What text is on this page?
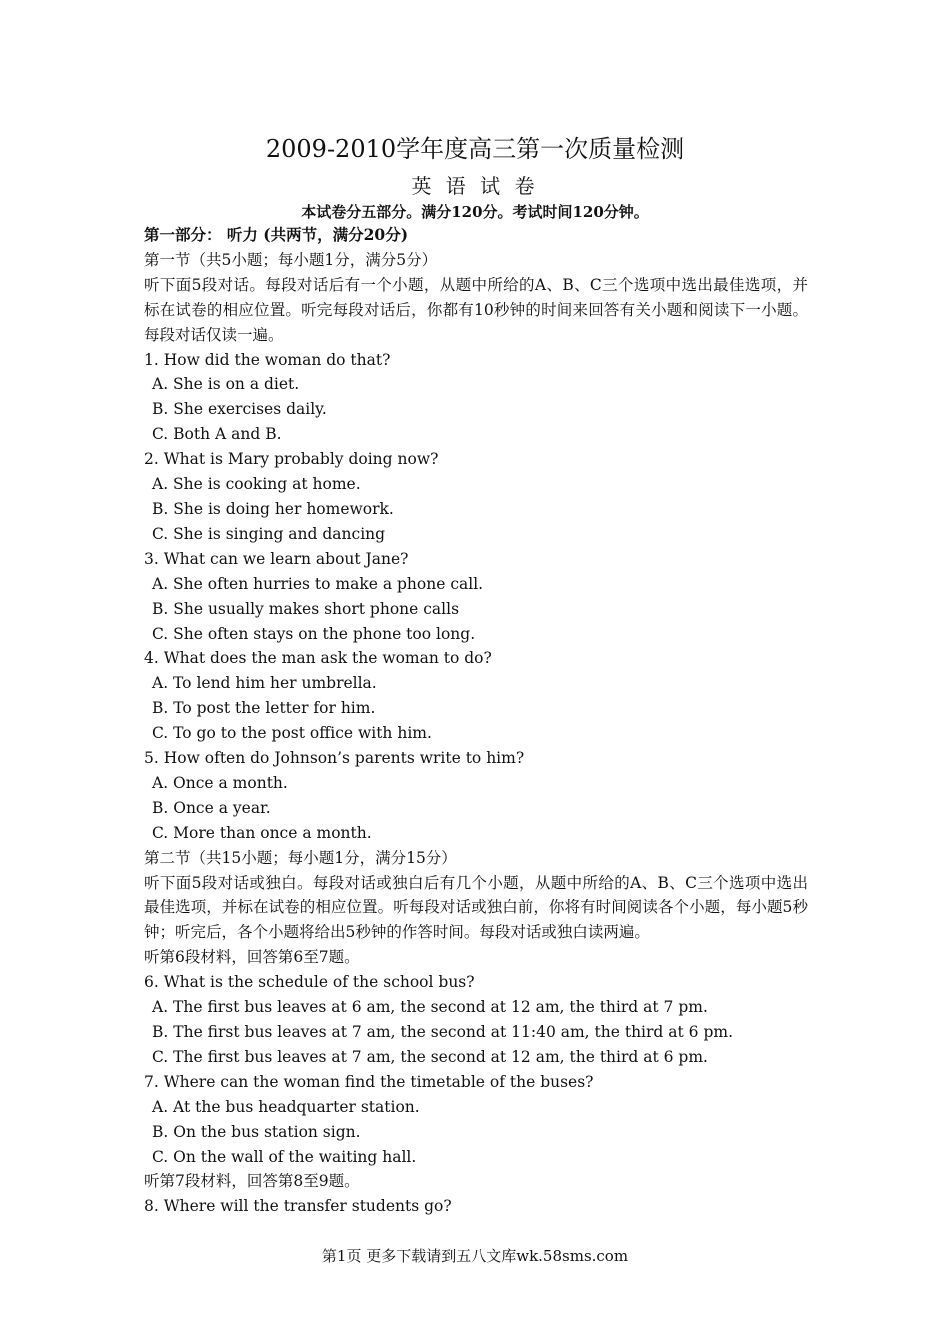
2009-2010学年度高三第一次质量检测
英 语 试 卷
本试卷分五部分。满分120分。考试时间120分钟。
第一部分： 听力 (共两节，满分20分)
第一节（共5小题；每小题1分，满分5分）
听下面5段对话。每段对话后有一个小题，从题中所给的A、B、C三个选项中选出最佳选项，并标在试卷的相应位置。听完每段对话后，你都有10秒钟的时间来回答有关小题和阅读下一小题。每段对话仅读一遍。
1. How did the woman do that?
A. She is on a diet.
B. She exercises daily.
C. Both A and B.
2. What is Mary probably doing now?
A. She is cooking at home.
B. She is doing her homework.
C. She is singing and dancing
3. What can we learn about Jane?
A. She often hurries to make a phone call.
B. She usually makes short phone calls
C. She often stays on the phone too long.
4. What does the man ask the woman to do?
A. To lend him her umbrella.
B. To post the letter for him.
C. To go to the post office with him.
5. How often do Johnson’s parents write to him?
A. Once a month.
B. Once a year.
C. More than once a month.
第二节（共15小题；每小题1分，满分15分）
听下面5段对话或独白。每段对话或独白后有几个小题，从题中所给的A、B、C三个选项中选出最佳选项，并标在试卷的相应位置。听每段对话或独白前，你将有时间阅读各个小题，每小题5秒钟；听完后，各个小题将给出5秒钟的作答时间。每段对话或独白读两遍。
听第6段材料，回答第6至7题。
6. What is the schedule of the school bus?
A. The first bus leaves at 6 am, the second at 12 am, the third at 7 pm.
B. The first bus leaves at 7 am, the second at 11:40 am, the third at 6 pm.
C. The first bus leaves at 7 am, the second at 12 am, the third at 6 pm.
7. Where can the woman find the timetable of the buses?
A. At the bus headquarter station.
B. On the bus station sign.
C. On the wall of the waiting hall.
听第7段材料，回答第8至9题。
8. Where will the transfer students go?
第1页 更多下载请到五八文库wk.58sms.com
